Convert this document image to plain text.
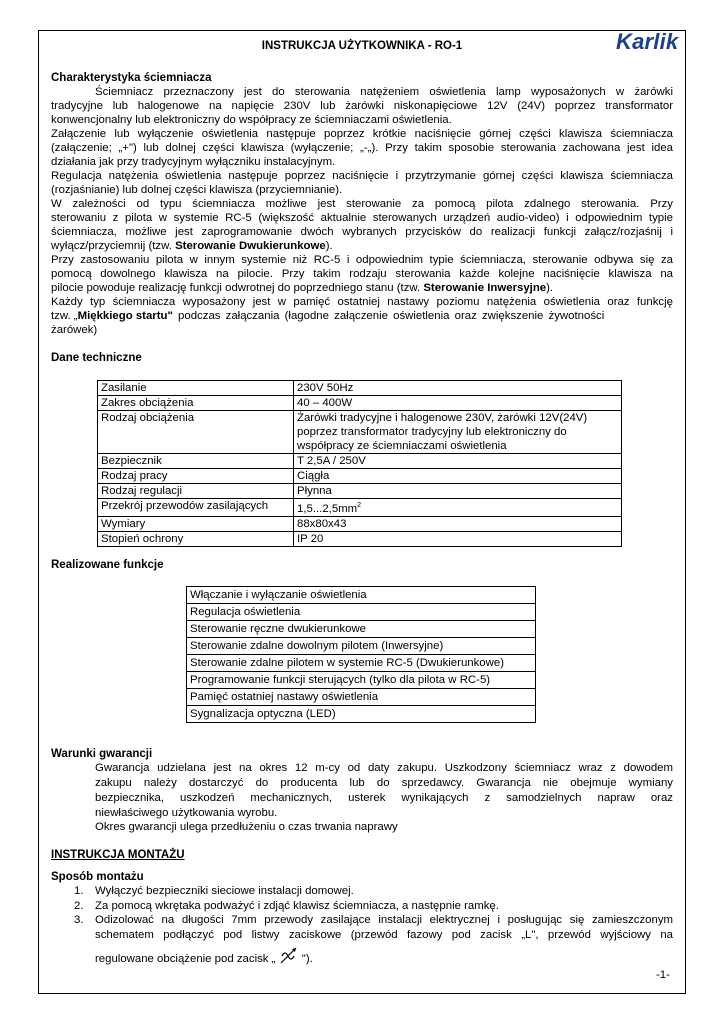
INSTRUKCJA UŻYTKOWNIKA - RO-1	Karlik
Charakterystyka ściemniacza
Ściemniacz przeznaczony jest do sterowania natężeniem oświetlenia lamp wyposażonych w żarówki
tradycyjne lub halogenowe na napięcie 230V lub żarówki niskonapięciowe 12V (24V) poprzez transformator
konwencjonalny lub elektroniczny do współpracy ze ściemniaczami oświetlenia.
Załączenie lub wyłączenie oświetlenia następuje poprzez krótkie naciśnięcie górnej części klawisza ściemniacza
(załączenie; „+") lub dolnej części klawisza (wyłączenie; „-„). Przy takim sposobie sterowania zachowana jest idea
działania jak przy tradycyjnym wyłączniku instalacyjnym.
Regulacja natężenia oświetlenia następuje poprzez naciśnięcie i przytrzymanie górnej części klawisza ściemniacza
(rozjaśnianie) lub dolnej części klawisza (przyciemnianie).
W zależności od typu ściemniacza możliwe jest sterowanie za pomocą pilota zdalnego sterowania. Przy
sterowaniu z pilota w systemie RC-5 (większość aktualnie sterowanych urządzeń audio-video) i odpowiednim typie
ściemniacza, możliwe jest zaprogramowanie dwóch wybranych przycisków do realizacji funkcji załącz/rozjaśnij i
wyłącz/przyciemnij (tzw. Sterowanie Dwukierunkowe).
Przy zastosowaniu pilota w innym systemie niż RC-5 i odpowiednim typie ściemniacza, sterowanie odbywa się za
pomocą dowolnego klawisza na pilocie. Przy takim rodzaju sterowania każde kolejne naciśnięcie klawisza na
pilocie powoduje realizację funkcji odwrotnej do poprzedniego stanu (tzw. Sterowanie Inwersyjne).
Każdy typ ściemniacza wyposażony jest w pamięć ostatniej nastawy poziomu natężenia oświetlenia oraz funkcję
tzw. „Miękkiego startu" podczas załączania (łagodne załączenie oświetlenia oraz zwiększenie żywotności
żarówek)
Dane techniczne
Zasilanie	230V 50Hz
Zakres obciążenia	40 – 400W
Rodzaj obciążenia	Żarówki tradycyjne i halogenowe 230V, żarówki 12V(24V) poprzez transformator tradycyjny lub elektroniczny do współpracy ze ściemniaczami oświetlenia
Bezpiecznik	T 2,5A / 250V
Rodzaj pracy	Ciągła
Rodzaj regulacji	Płynna
Przekrój przewodów zasilających	$1,5...2,5mm^2$
Wymiary	88x80x43
Stopień ochrony	IP 20
Realizowane funkcje
Włączanie i wyłączanie oświetlenia
Regulacja oświetlenia
Sterowanie ręczne dwukierunkowe
Sterowanie zdalne dowolnym pilotem (Inwersyjne)
Sterowanie zdalne pilotem w systemie RC-5 (Dwukierunkowe)
Programowanie funkcji sterujących (tylko dla pilota w RC-5)
Pamięć ostatniej nastawy oświetlenia
Sygnalizacja optyczna (LED)
Warunki gwarancji
Gwarancja udzielana jest na okres 12 m-cy od daty zakupu. Uszkodzony ściemniacz wraz z dowodem
zakupu należy dostarczyć do producenta lub do sprzedawcy. Gwarancja nie obejmuje wymiany
bezpiecznika, uszkodzeń mechanicznych, usterek wynikających z samodzielnych napraw oraz
niewłaściwego użytkowania wyrobu.
Okres gwarancji ulega przedłużeniu o czas trwania naprawy
INSTRUKCJA MONTAŻU
Sposób montażu
1. Wyłączyć bezpieczniki sieciowe instalacji domowej.
2. Za pomocą wkrętaka podważyć i zdjąć klawisz ściemniacza, a następnie ramkę.
3. Odizolować na długości 7mm przewody zasilające instalacji elektrycznej i posługując się zamieszczonym
schematem podłączyć pod listwy zaciskowe (przewód fazowy pod zacisk „L", przewód wyjściowy na
regulowane obciążenie pod zacisk „  ").
-1-
